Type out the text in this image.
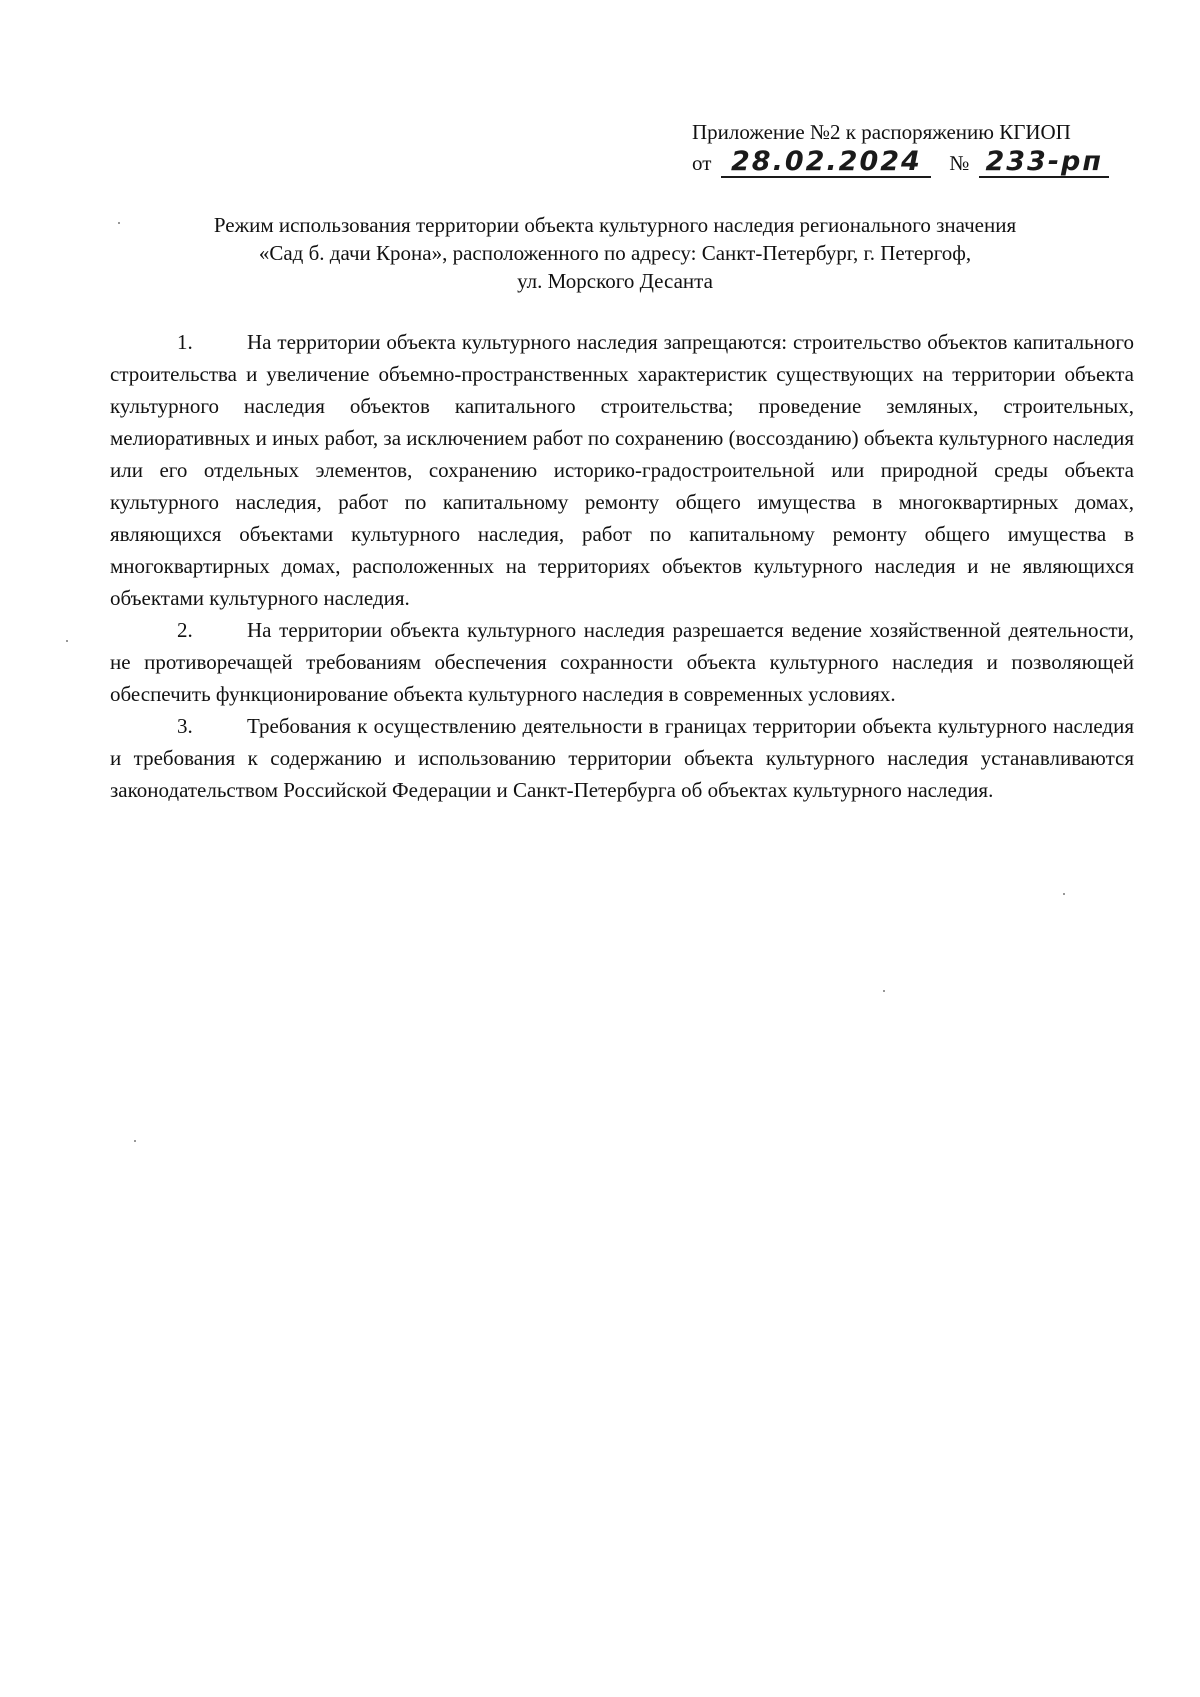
Приложение №2 к распоряжению КГИОП
от 28.02.2024 № 233-рп
Режим использования территории объекта культурного наследия регионального значения
«Сад б. дачи Крона», расположенного по адресу: Санкт-Петербург, г. Петергоф,
ул. Морского Десанта

1.	На территории объекта культурного наследия запрещаются: строительство объектов капитального строительства и увеличение объемно-пространственных характеристик существующих на территории объекта культурного наследия объектов капитального строительства; проведение земляных, строительных, мелиоративных и иных работ, за исключением работ по сохранению (воссозданию) объекта культурного наследия или его отдельных элементов, сохранению историко-градостроительной или природной среды объекта культурного наследия, работ по капитальному ремонту общего имущества в многоквартирных домах, являющихся объектами культурного наследия, работ по капитальному ремонту общего имущества в многоквартирных домах, расположенных на территориях объектов культурного наследия и не являющихся объектами культурного наследия.

2.	На территории объекта культурного наследия разрешается ведение хозяйственной деятельности, не противоречащей требованиям обеспечения сохранности объекта культурного наследия и позволяющей обеспечить функционирование объекта культурного наследия в современных условиях.

3.	Требования к осуществлению деятельности в границах территории объекта культурного наследия и требования к содержанию и использованию территории объекта культурного наследия устанавливаются законодательством Российской Федерации и Санкт-Петербурга об объектах культурного наследия.
